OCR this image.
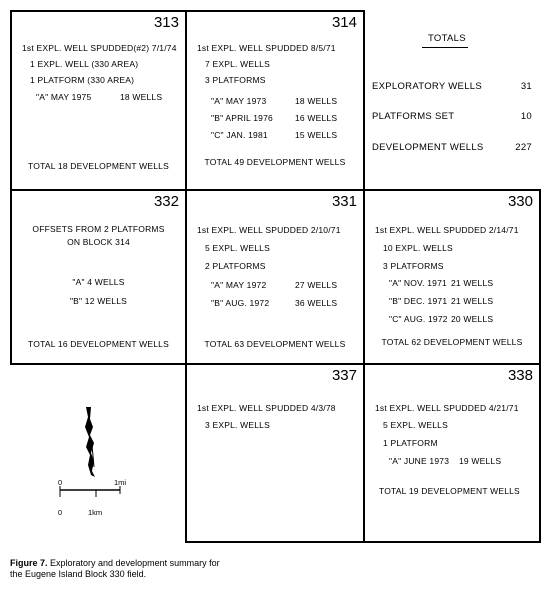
313
1st EXPL. WELL SPUDDED(#2) 7/1/74
1 EXPL. WELL (330 AREA)
1 PLATFORM (330 AREA)
"A" MAY 1975	18 WELLS
TOTAL 18 DEVELOPMENT WELLS
314
1st EXPL. WELL SPUDDED 8/5/71
7 EXPL. WELLS
3 PLATFORMS
"A" MAY 1973	18 WELLS
"B" APRIL 1976	16 WELLS
"C" JAN. 1981	15 WELLS
TOTAL 49 DEVELOPMENT WELLS
332
OFFSETS FROM 2 PLATFORMS
ON BLOCK 314
"A" 4 WELLS
"B" 12 WELLS
TOTAL 16 DEVELOPMENT WELLS
331
1st EXPL. WELL SPUDDED 2/10/71
5 EXPL. WELLS
2 PLATFORMS
"A" MAY 1972	27 WELLS
"B" AUG. 1972	36 WELLS
TOTAL 63 DEVELOPMENT WELLS
330
1st EXPL. WELL SPUDDED 2/14/71
10 EXPL. WELLS
3 PLATFORMS
"A" NOV. 1971 21 WELLS
"B" DEC. 1971 21 WELLS
"C" AUG. 1972 20 WELLS
TOTAL 62 DEVELOPMENT WELLS
337
1st EXPL. WELL SPUDDED 4/3/78
3 EXPL. WELLS
338
1st EXPL. WELL SPUDDED 4/21/71
5 EXPL. WELLS
1 PLATFORM
"A" JUNE 1973 19 WELLS
TOTAL 19 DEVELOPMENT WELLS
TOTALS
EXPLORATORY WELLS	31
PLATFORMS SET	10
DEVELOPMENT WELLS	227
0	1mi
0	1km
Figure 7. Exploratory and development summary for
the Eugene Island Block 330 field.
